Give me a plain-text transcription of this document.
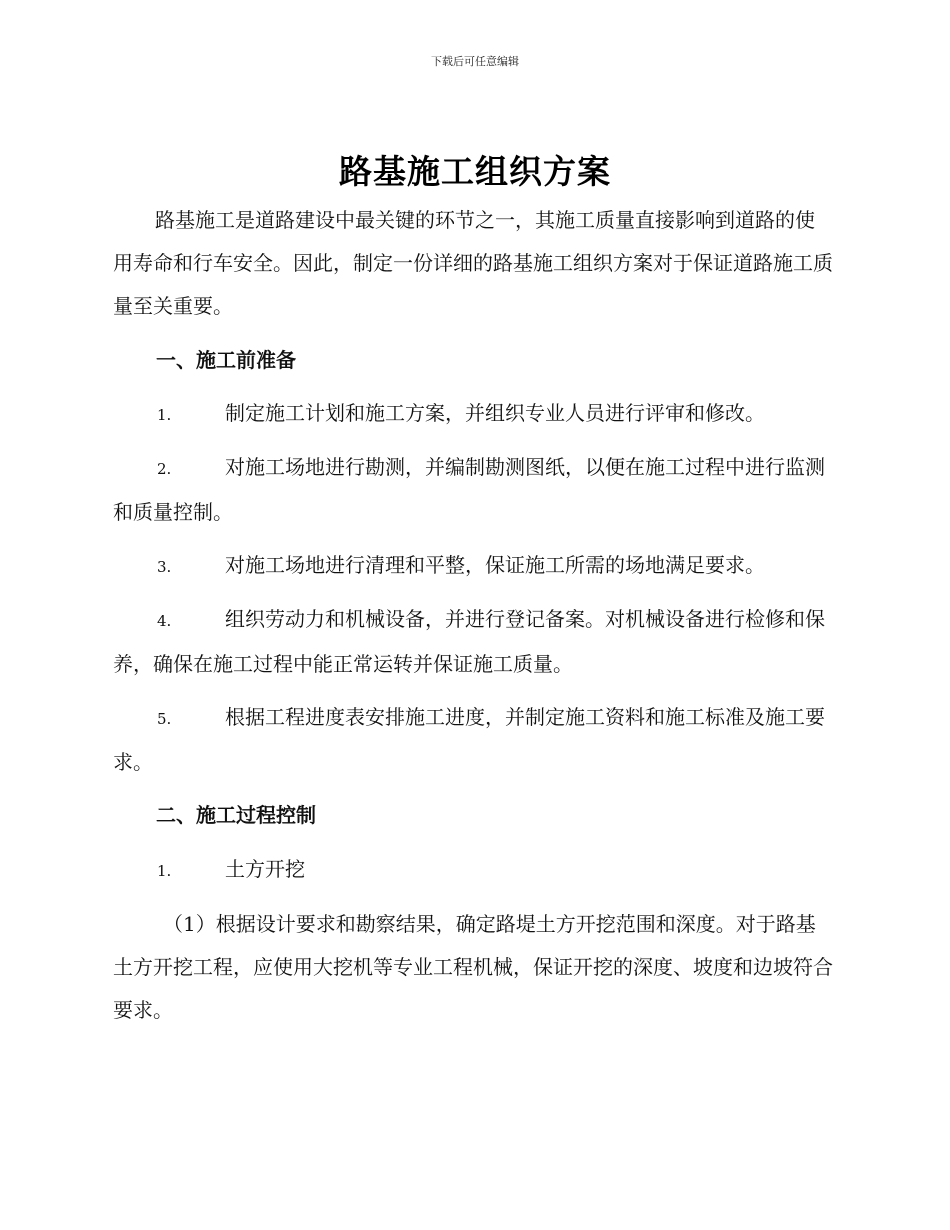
下载后可任意编辑
路基施工组织方案

路基施工是道路建设中最关键的环节之一，其施工质量直接影响到道路的使用寿命和行车安全。因此，制定一份详细的路基施工组织方案对于保证道路施工质量至关重要。

一、施工前准备

1.	制定施工计划和施工方案，并组织专业人员进行评审和修改。

2.	对施工场地进行勘测，并编制勘测图纸，以便在施工过程中进行监测和质量控制。

3.	对施工场地进行清理和平整，保证施工所需的场地满足要求。

4.	组织劳动力和机械设备，并进行登记备案。对机械设备进行检修和保养，确保在施工过程中能正常运转并保证施工质量。

5.	根据工程进度表安排施工进度，并制定施工资料和施工标准及施工要求。

二、施工过程控制

1.	土方开挖

（1）根据设计要求和勘察结果，确定路堤土方开挖范围和深度。对于路基土方开挖工程，应使用大挖机等专业工程机械，保证开挖的深度、坡度和边坡符合要求。
